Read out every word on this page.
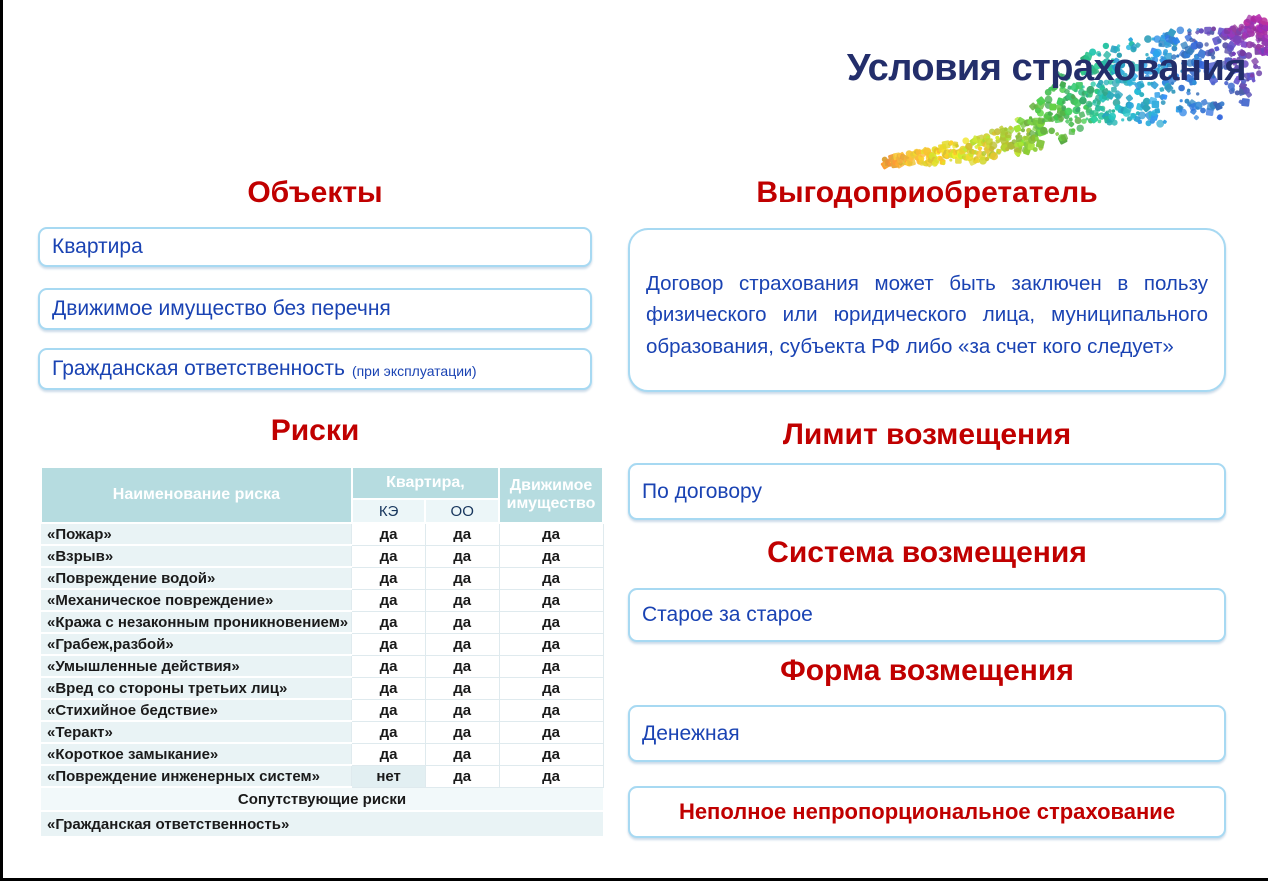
Условия страхования
Объекты
Квартира
Движимое имущество без перечня
Гражданская ответственность (при эксплуатации)
Риски
Наименование риска	Квартира,		Движимое имущество
	КЭ	ОО	
«Пожар»	да	да	да
«Взрыв»	да	да	да
«Повреждение водой»	да	да	да
«Механическое повреждение»	да	да	да
«Кража с незаконным проникновением»	да	да	да
«Грабеж,разбой»	да	да	да
«Умышленные действия»	да	да	да
«Вред со стороны третьих лиц»	да	да	да
«Стихийное бедствие»	да	да	да
«Теракт»	да	да	да
«Короткое замыкание»	да	да	да
«Повреждение инженерных систем»	нет	да	да
Сопутствующие риски			
«Гражданская ответственность»			
Выгодоприобретатель
Договор страхования может быть заключен в пользу физического или юридического лица, муниципального образования, субъекта РФ либо «за счет кого следует»
Лимит возмещения
По договору
Система возмещения
Старое за старое
Форма возмещения
Денежная
Неполное непропорциональное страхование
